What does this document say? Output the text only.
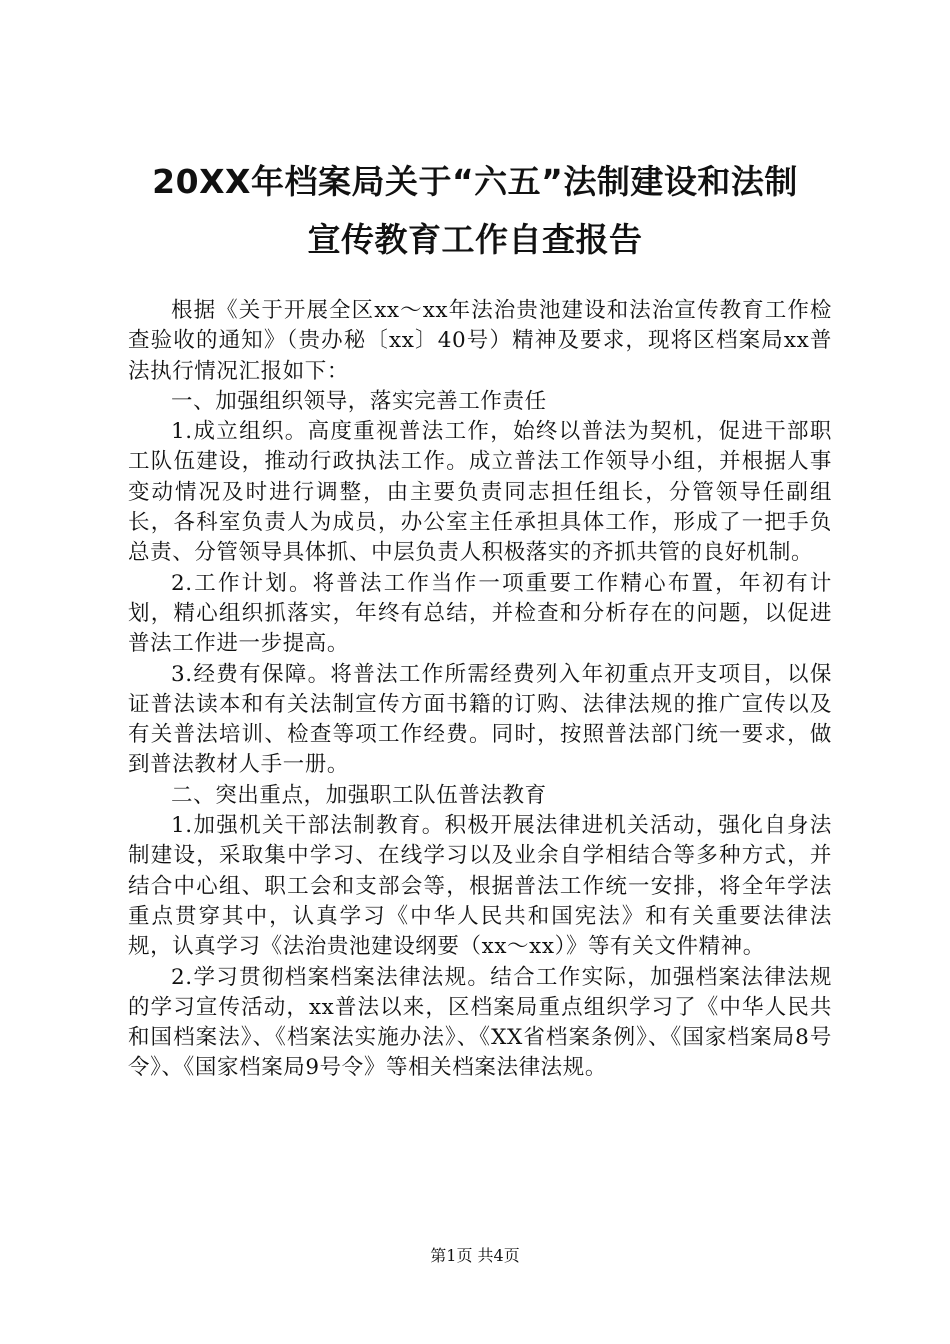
20XX年档案局关于“六五”法制建设和法制
宣传教育工作自查报告

根据《关于开展全区xx～xx年法治贵池建设和法治宣传教育工作检查验收的通知》（贵办秘〔xx〕40号）精神及要求，现将区档案局xx普法执行情况汇报如下：

一、加强组织领导，落实完善工作责任

1.成立组织。高度重视普法工作，始终以普法为契机，促进干部职工队伍建设，推动行政执法工作。成立普法工作领导小组，并根据人事变动情况及时进行调整，由主要负责同志担任组长，分管领导任副组长，各科室负责人为成员，办公室主任承担具体工作，形成了一把手负总责、分管领导具体抓、中层负责人积极落实的齐抓共管的良好机制。

2.工作计划。将普法工作当作一项重要工作精心布置，年初有计划，精心组织抓落实，年终有总结，并检查和分析存在的问题，以促进普法工作进一步提高。

3.经费有保障。将普法工作所需经费列入年初重点开支项目，以保证普法读本和有关法制宣传方面书籍的订购、法律法规的推广宣传以及有关普法培训、检查等项工作经费。同时，按照普法部门统一要求，做到普法教材人手一册。

二、突出重点，加强职工队伍普法教育

1.加强机关干部法制教育。积极开展法律进机关活动，强化自身法制建设，采取集中学习、在线学习以及业余自学相结合等多种方式，并结合中心组、职工会和支部会等，根据普法工作统一安排，将全年学法重点贯穿其中，认真学习《中华人民共和国宪法》和有关重要法律法规，认真学习《法治贵池建设纲要（xx～xx）》等有关文件精神。

2.学习贯彻档案档案法律法规。结合工作实际，加强档案法律法规的学习宣传活动，xx普法以来，区档案局重点组织学习了《中华人民共和国档案法》、《档案法实施办法》、《XX省档案条例》、《国家档案局8号令》、《国家档案局9号令》等相关档案法律法规。

第1页 共4页
